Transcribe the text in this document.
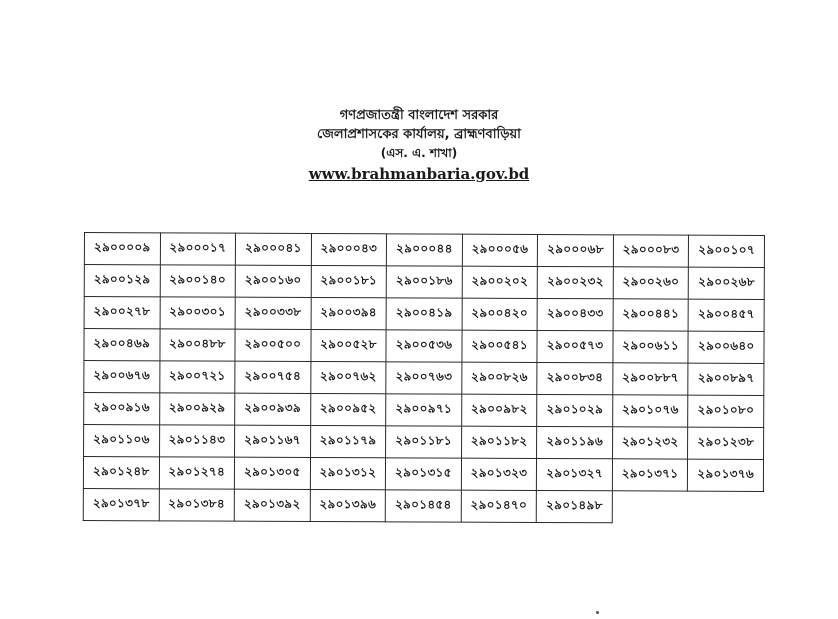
গণপ্রজাতন্ত্রী বাংলাদেশ সরকার
জেলাপ্রশাসকের কার্যালয়, ব্রাহ্মণবাড়িয়া
(এস. এ. শাখা)
www.brahmanbaria.gov.bd
২৯০০০০৯	২৯০০০১৭	২৯০০০৪১	২৯০০০৪৩	২৯০০০৪৪	২৯০০০৫৬	২৯০০০৬৮	২৯০০০৮৩	২৯০০১০৭
২৯০০১২৯	২৯০০১৪০	২৯০০১৬০	২৯০০১৮১	২৯০০১৮৬	২৯০০২০২	২৯০০২৩২	২৯০০২৬০	২৯০০২৬৮
২৯০০২৭৮	২৯০০৩০১	২৯০০৩৩৮	২৯০০৩৯৪	২৯০০৪১৯	২৯০০৪২০	২৯০০৪৩৩	২৯০০৪৪১	২৯০০৪৫৭
২৯০০৪৬৯	২৯০০৪৮৮	২৯০০৫০০	২৯০০৫২৮	২৯০০৫৩৬	২৯০০৫৪১	২৯০০৫৭৩	২৯০০৬১১	২৯০০৬৪০
২৯০০৬৭৬	২৯০০৭২১	২৯০০৭৫৪	২৯০০৭৬২	২৯০০৭৬৩	২৯০০৮২৬	২৯০০৮৩৪	২৯০০৮৮৭	২৯০০৮৯৭
২৯০০৯১৬	২৯০০৯২৯	২৯০০৯৩৯	২৯০০৯৫২	২৯০০৯৭১	২৯০০৯৮২	২৯০১০২৯	২৯০১০৭৬	২৯০১০৮০
২৯০১১০৬	২৯০১১৪৩	২৯০১১৬৭	২৯০১১৭৯	২৯০১১৮১	২৯০১১৮২	২৯০১১৯৬	২৯০১২৩২	২৯০১২৩৮
২৯০১২৪৮	২৯০১২৭৪	২৯০১৩০৫	২৯০১৩১২	২৯০১৩১৫	২৯০১৩২৩	২৯০১৩২৭	২৯০১৩৭১	২৯০১৩৭৬
২৯০১৩৭৮	২৯০১৩৮৪	২৯০১৩৯২	২৯০১৩৯৬	২৯০১৪৫৪	২৯০১৪৭০	২৯০১৪৯৮		
